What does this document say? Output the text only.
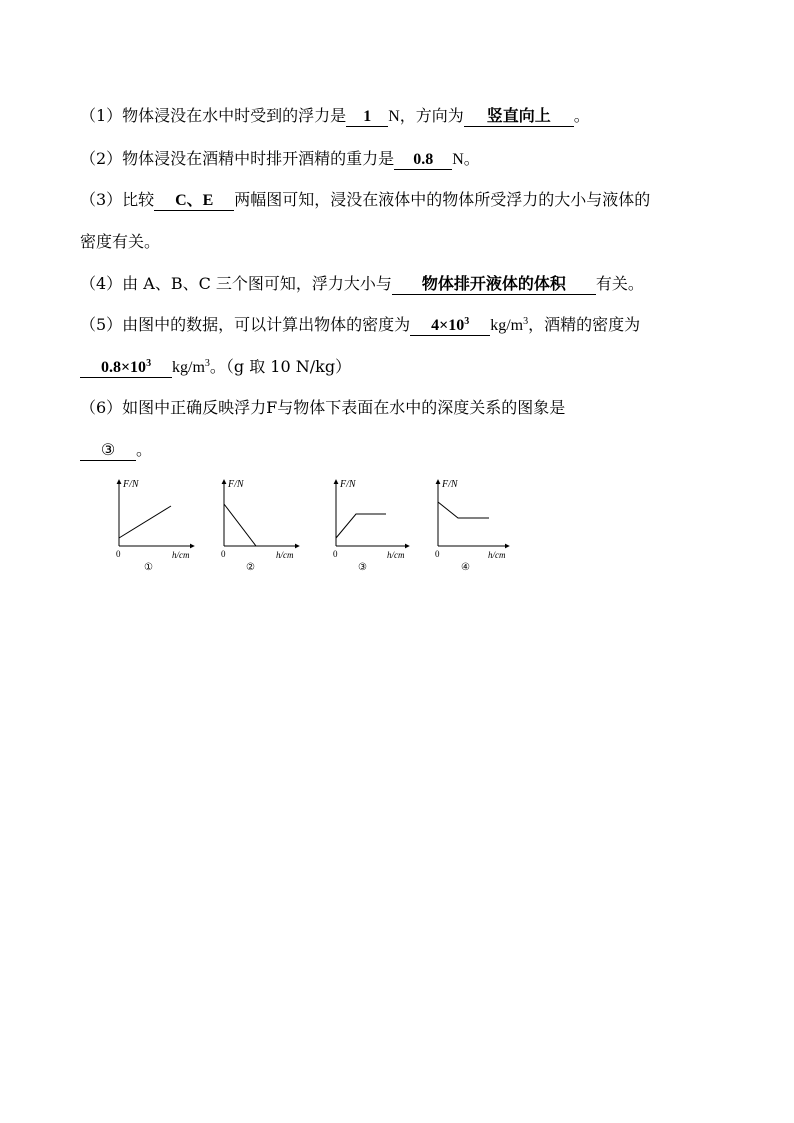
（1）物体浸没在水中时受到的浮力是 1 N，方向为 竖直向上 。
（2）物体浸没在酒精中时排开酒精的重力是 0.8 N。
（3）比较 C、E 两幅图可知，浸没在液体中的物体所受浮力的大小与液体的
密度有关。
（4）由 A、B、C 三个图可知，浮力大小与 物体排开液体的体积 有关。
（5）由图中的数据，可以计算出物体的密度为 $4\times 10^3$ $kg/m^3$，酒精的密度为
$0.8\times 10^3$ $kg/m^3$。（g 取 10 N/kg）
（6）如图中正确反映浮力F与物体下表面在水中的深度关系的图象是
③ 。
F/N
0	h/cm
①
F/N
0	h/cm
②
F/N
0	h/cm
③
F/N
0	h/cm
④
